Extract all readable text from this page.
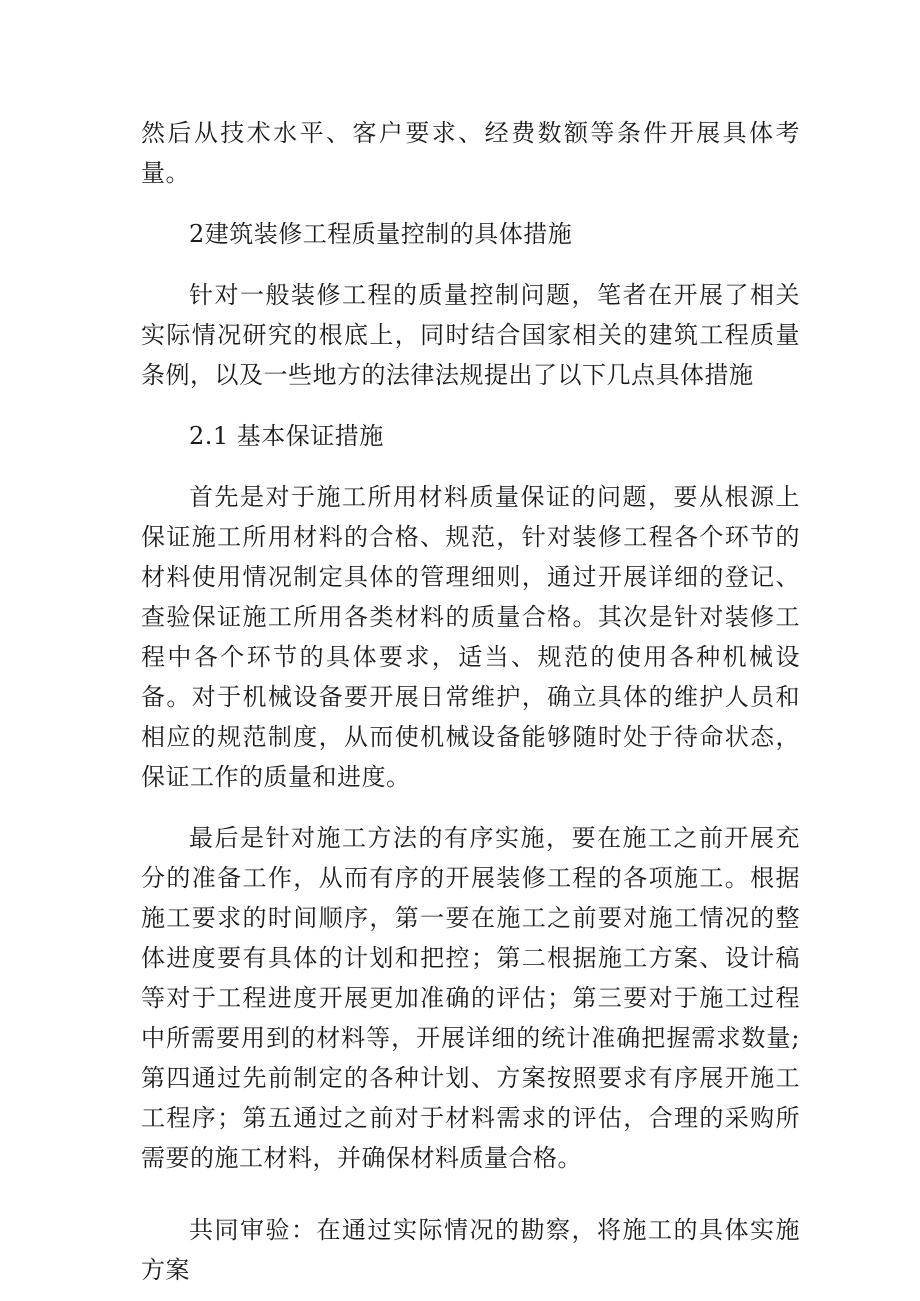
然后从技术水平、客户要求、经费数额等条件开展具体考量。

2建筑装修工程质量控制的具体措施

针对一般装修工程的质量控制问题，笔者在开展了相关实际情况研究的根底上，同时结合国家相关的建筑工程质量条例，以及一些地方的法律法规提出了以下几点具体措施

2.1 基本保证措施

首先是对于施工所用材料质量保证的问题，要从根源上保证施工所用材料的合格、规范，针对装修工程各个环节的材料使用情况制定具体的管理细则，通过开展详细的登记、查验保证施工所用各类材料的质量合格。其次是针对装修工程中各个环节的具体要求，适当、规范的使用各种机械设备。对于机械设备要开展日常维护，确立具体的维护人员和相应的规范制度，从而使机械设备能够随时处于待命状态，保证工作的质量和进度。

最后是针对施工方法的有序实施，要在施工之前开展充分的准备工作，从而有序的开展装修工程的各项施工。根据施工要求的时间顺序，第一要在施工之前要对施工情况的整体进度要有具体的计划和把控；第二根据施工方案、设计稿等对于工程进度开展更加准确的评估；第三要对于施工过程中所需要用到的材料等，开展详细的统计准确把握需求数量;第四通过先前制定的各种计划、方案按照要求有序展开施工工程序；第五通过之前对于材料需求的评估，合理的采购所需要的施工材料，并确保材料质量合格。

共同审验：在通过实际情况的勘察，将施工的具体实施方案
